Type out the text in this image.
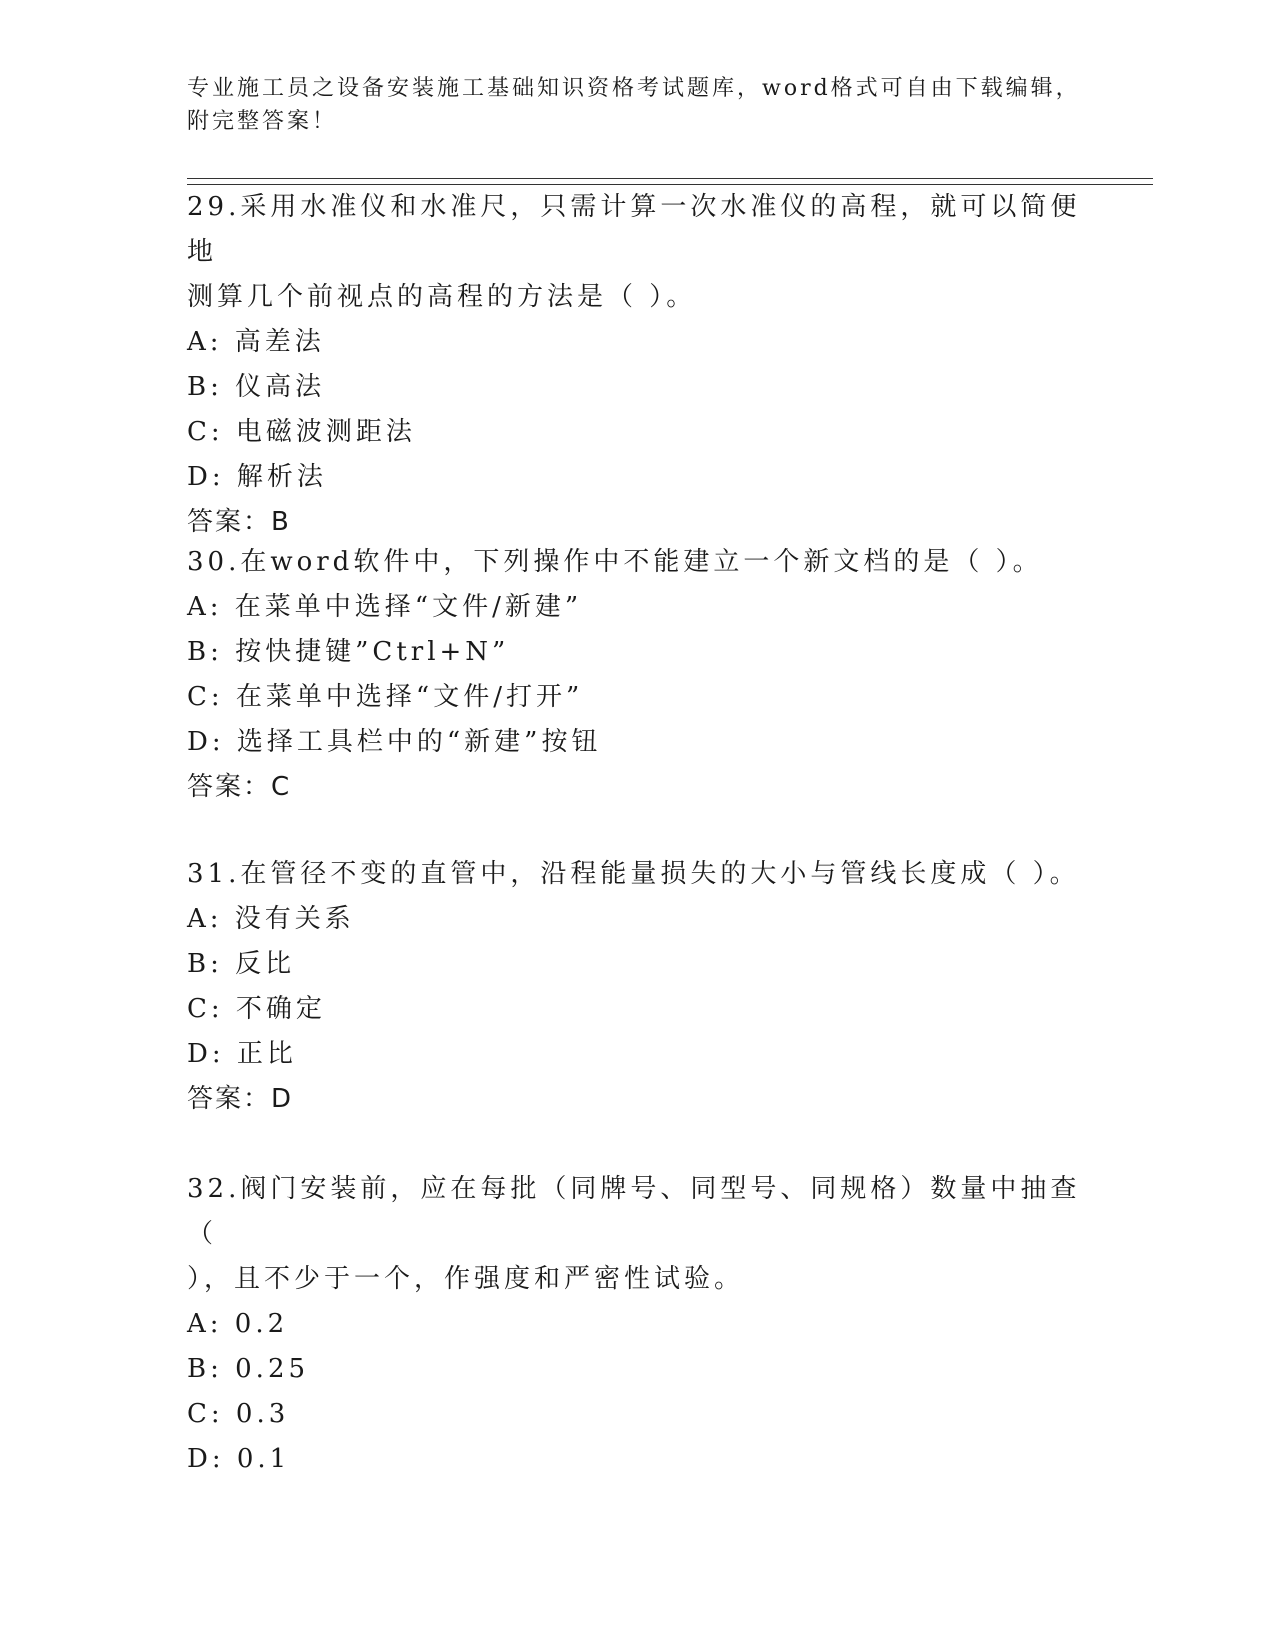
专业施工员之设备安装施工基础知识资格考试题库，word格式可自由下载编辑，
附完整答案！
29.采用水准仪和水准尺，只需计算一次水准仪的高程，就可以简便地
测算几个前视点的高程的方法是（ ）。
A: 高差法
B: 仪高法
C: 电磁波测距法
D: 解析法
答案：B
30.在word软件中，下列操作中不能建立一个新文档的是（ ）。
A: 在菜单中选择“文件/新建”
B: 按快捷键”Ctrl+N”
C: 在菜单中选择“文件/打开”
D: 选择工具栏中的“新建”按钮
答案：C
31.在管径不变的直管中，沿程能量损失的大小与管线长度成（ ）。
A: 没有关系
B: 反比
C: 不确定
D: 正比
答案：D
32.阀门安装前，应在每批（同牌号、同型号、同规格）数量中抽查（
），且不少于一个，作强度和严密性试验。
A: 0.2
B: 0.25
C: 0.3
D: 0.1
